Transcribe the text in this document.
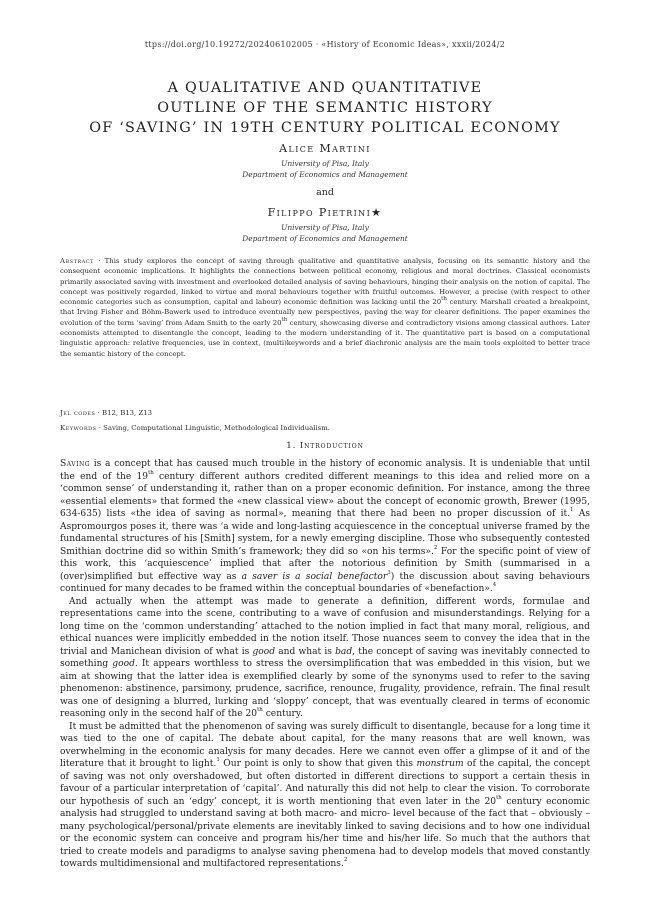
ttps://doi.org/10.19272/202406102005 · «History of Economic Ideas», xxxii/2024/2
A QUALITATIVE AND QUANTITATIVE
OUTLINE OF THE SEMANTIC HISTORY
OF ‘SAVING’ IN 19TH CENTURY POLITICAL ECONOMY
Alice Martini
University of Pisa, Italy
Department of Economics and Management
and
Filippo Pietrini★
University of Pisa, Italy
Department of Economics and Management

Abstract · This study explores the concept of saving through qualitative and quantitative analysis, focusing on its semantic history and the consequent economic implications. It highlights the connections between political economy, religious and moral doctrines. Classical economists primarily associated saving with investment and overlooked detailed analysis of saving behaviours, hinging their analysis on the notion of capital. The concept was positively regarded, linked to virtue and moral behaviours together with fruitful outcomes. However, a precise (with respect to other economic categories such as consumption, capital and labour) economic definition was lacking until the 20th century. Marshall created a breakpoint, that Irving Fisher and Böhm-Bawerk used to introduce eventually new perspectives, paving the way for clearer definitions. The paper examines the evolution of the term ‘saving’ from Adam Smith to the early 20th century, showcasing diverse and contradictory visions among classical authors. Later economists attempted to disentangle the concept, leading to the modern understanding of it. The quantitative part is based on a computational linguistic approach: relative frequencies, use in context, (multi)keywords and a brief diachronic analysis are the main tools exploited to better trace the semantic history of the concept.

Jel codes · B12, B13, Z13
Keywords · Saving, Computational Linguistic, Methodological Individualism.
1. Introduction

Saving is a concept that has caused much trouble in the history of economic analysis. It is undeniable that until the end of the 19th century different authors credited different meanings to this idea and relied more on a ‘common sense’ of understanding it, rather than on a proper economic definition. For instance, among the three «essential elements» that formed the «new classical view» about the concept of economic growth, Brewer (1995, 634-635) lists «the idea of saving as normal», meaning that there had been no proper discussion of it.$^1$ As Aspromourgos poses it, there was ‘a wide and long-lasting acquiescence in the conceptual universe framed by the fundamental structures of his [Smith] system, for a newly emerging discipline. Those who subsequently contested Smithian doctrine did so within Smith’s framework; they did so «on his terms».$^2$ For the specific point of view of this work, this ‘acquiescence’ implied that after the notorious definition by Smith (summarised in a (over)simplified but effective way as a saver is a social benefactor$^3$) the discussion about saving behaviours continued for many decades to be framed within the conceptual boundaries of «benefaction».$^4$

And actually when the attempt was made to generate a definition, different words, formulae and representations came into the scene, contributing to a wave of confusion and misunderstandings. Relying for a long time on the ‘common understanding’ attached to the notion implied in fact that many moral, religious, and ethical nuances were implicitly embedded in the notion itself. Those nuances seem to convey the idea that in the trivial and Manichean division of what is good and what is bad, the concept of saving was inevitably connected to something good. It appears worthless to stress the oversimplification that was embedded in this vision, but we aim at showing that the latter idea is exemplified clearly by some of the synonyms used to refer to the saving phenomenon: abstinence, parsimony, prudence, sacrifice, renounce, frugality, providence, refrain. The final result was one of designing a blurred, lurking and ‘sloppy’ concept, that was eventually cleared in terms of economic reasoning only in the second half of the 20th century.

It must be admitted that the phenomenon of saving was surely difficult to disentangle, because for a long time it was tied to the one of capital. The debate about capital, for the many reasons that are well known, was overwhelming in the economic analysis for many decades. Here we cannot even offer a glimpse of it and of the literature that it brought to light.$^1$ Our point is only to show that given this monstrum of the capital, the concept of saving was not only overshadowed, but often distorted in different directions to support a certain thesis in favour of a particular interpretation of ‘capital’. And naturally this did not help to clear the vision. To corroborate our hypothesis of such an ‘edgy’ concept, it is worth mentioning that even later in the 20th century economic analysis had struggled to understand saving at both macro- and micro- level because of the fact that – obviously – many psychological/personal/private elements are inevitably linked to saving decisions and to how one individual or the economic system can conceive and program his/her time and his/her life. So much that the authors that tried to create models and paradigms to analyse saving phenomena had to develop models that moved constantly towards multidimensional and multifactored representations.$^2$
